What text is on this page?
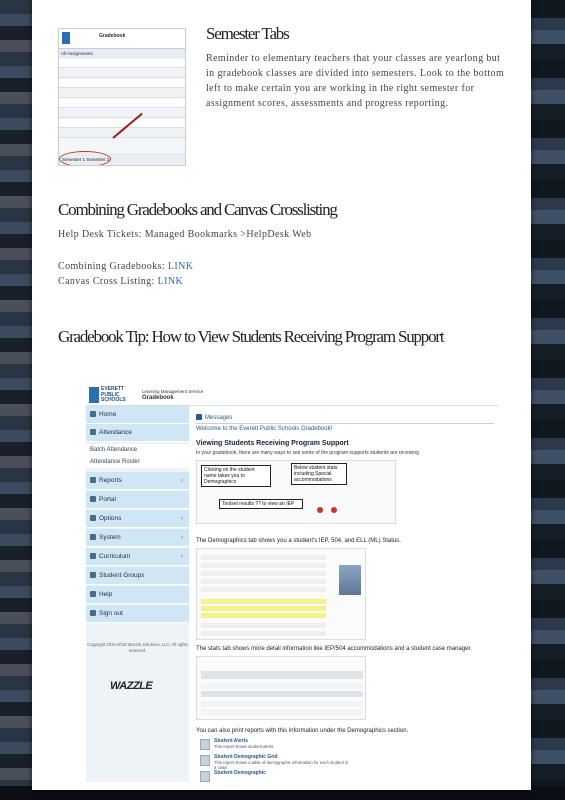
Gradebook
All Assignments
Semester 1 Semester 2
Semester Tabs

Reminder to elementary teachers that your classes are yearlong but in gradebook classes are divided into semesters. Look to the bottom left to make certain you are working in the right semester for assignment scores, assessments and progress reporting.

Combining Gradebooks and Canvas Crosslisting
Help Desk Tickets: Managed Bookmarks >HelpDesk Web
Combining Gradebooks: LINK
Canvas Cross Listing: LINK
Gradebook Tip: How to View Students Receiving Program Support
EVERETT PUBLIC SCHOOLS
Learning Management Service
Gradebook
Home
Attendance
Batch Attendance
Attendance Roster
Reports	‹
Portal
Options	‹
System	‹
Curriculum	‹
Student Groups
Help
Sign out
Copyright 2016-2018 Wazzle Solutions, LLC. All rights reserved.
WAZZLE
Messages
Welcome to the Everett Public Schools Gradebook!
Viewing Students Receiving Program Support
In your gradebook, there are many ways to see some of the program supports students are receiving
Clicking on the student name takes you to Demographics
Below student stats including Special accommodations
Toolset results ?? to view an IEP
The Demographics tab shows you a student's IEP, 504, and ELL (ML) Status.
The stats tab shows more detail information like IEP/504 accommodations and a student case manager.
You can also print reports with this information under the Demographics section.
Student Alerts
This report shows student alerts
Student Demographic Grid
This report shows a table of demographic information for each student in a class
Student Demographic
